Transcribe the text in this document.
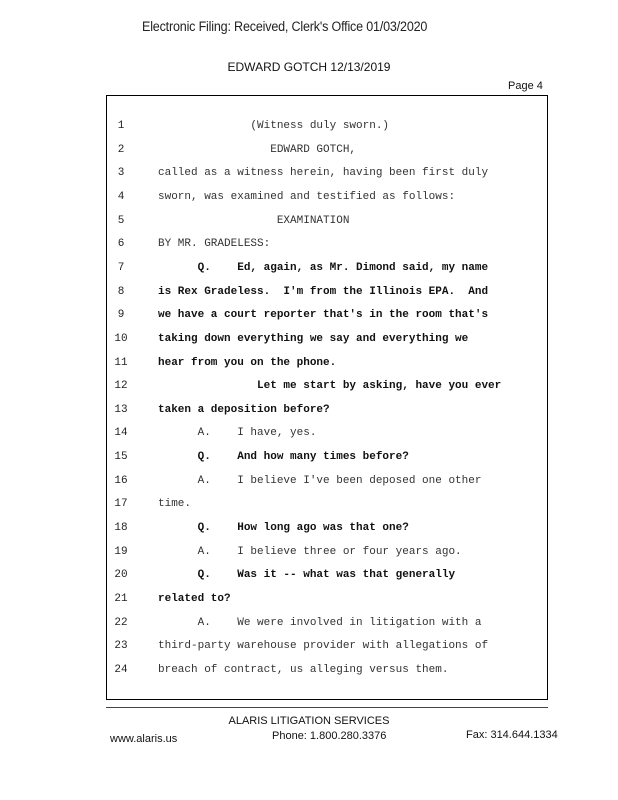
Electronic Filing: Received, Clerk's Office 01/03/2020
EDWARD GOTCH 12/13/2019
Page 4
1	(Witness duly sworn.)
2	EDWARD GOTCH,
3	called as a witness herein, having been first duly
4	sworn, was examined and testified as follows:
5	EXAMINATION
6	BY MR. GRADELESS:
7	Q.    Ed, again, as Mr. Dimond said, my name
8	is Rex Gradeless.  I'm from the Illinois EPA.  And
9	we have a court reporter that's in the room that's
10	taking down everything we say and everything we
11	hear from you on the phone.
12	Let me start by asking, have you ever
13	taken a deposition before?
14	A.    I have, yes.
15	Q.    And how many times before?
16	A.    I believe I've been deposed one other
17	time.
18	Q.    How long ago was that one?
19	A.    I believe three or four years ago.
20	Q.    Was it -- what was that generally
21	related to?
22	A.    We were involved in litigation with a
23	third-party warehouse provider with allegations of
24	breach of contract, us alleging versus them.
ALARIS LITIGATION SERVICES
Phone: 1.800.280.3376
www.alaris.us	Fax: 314.644.1334
